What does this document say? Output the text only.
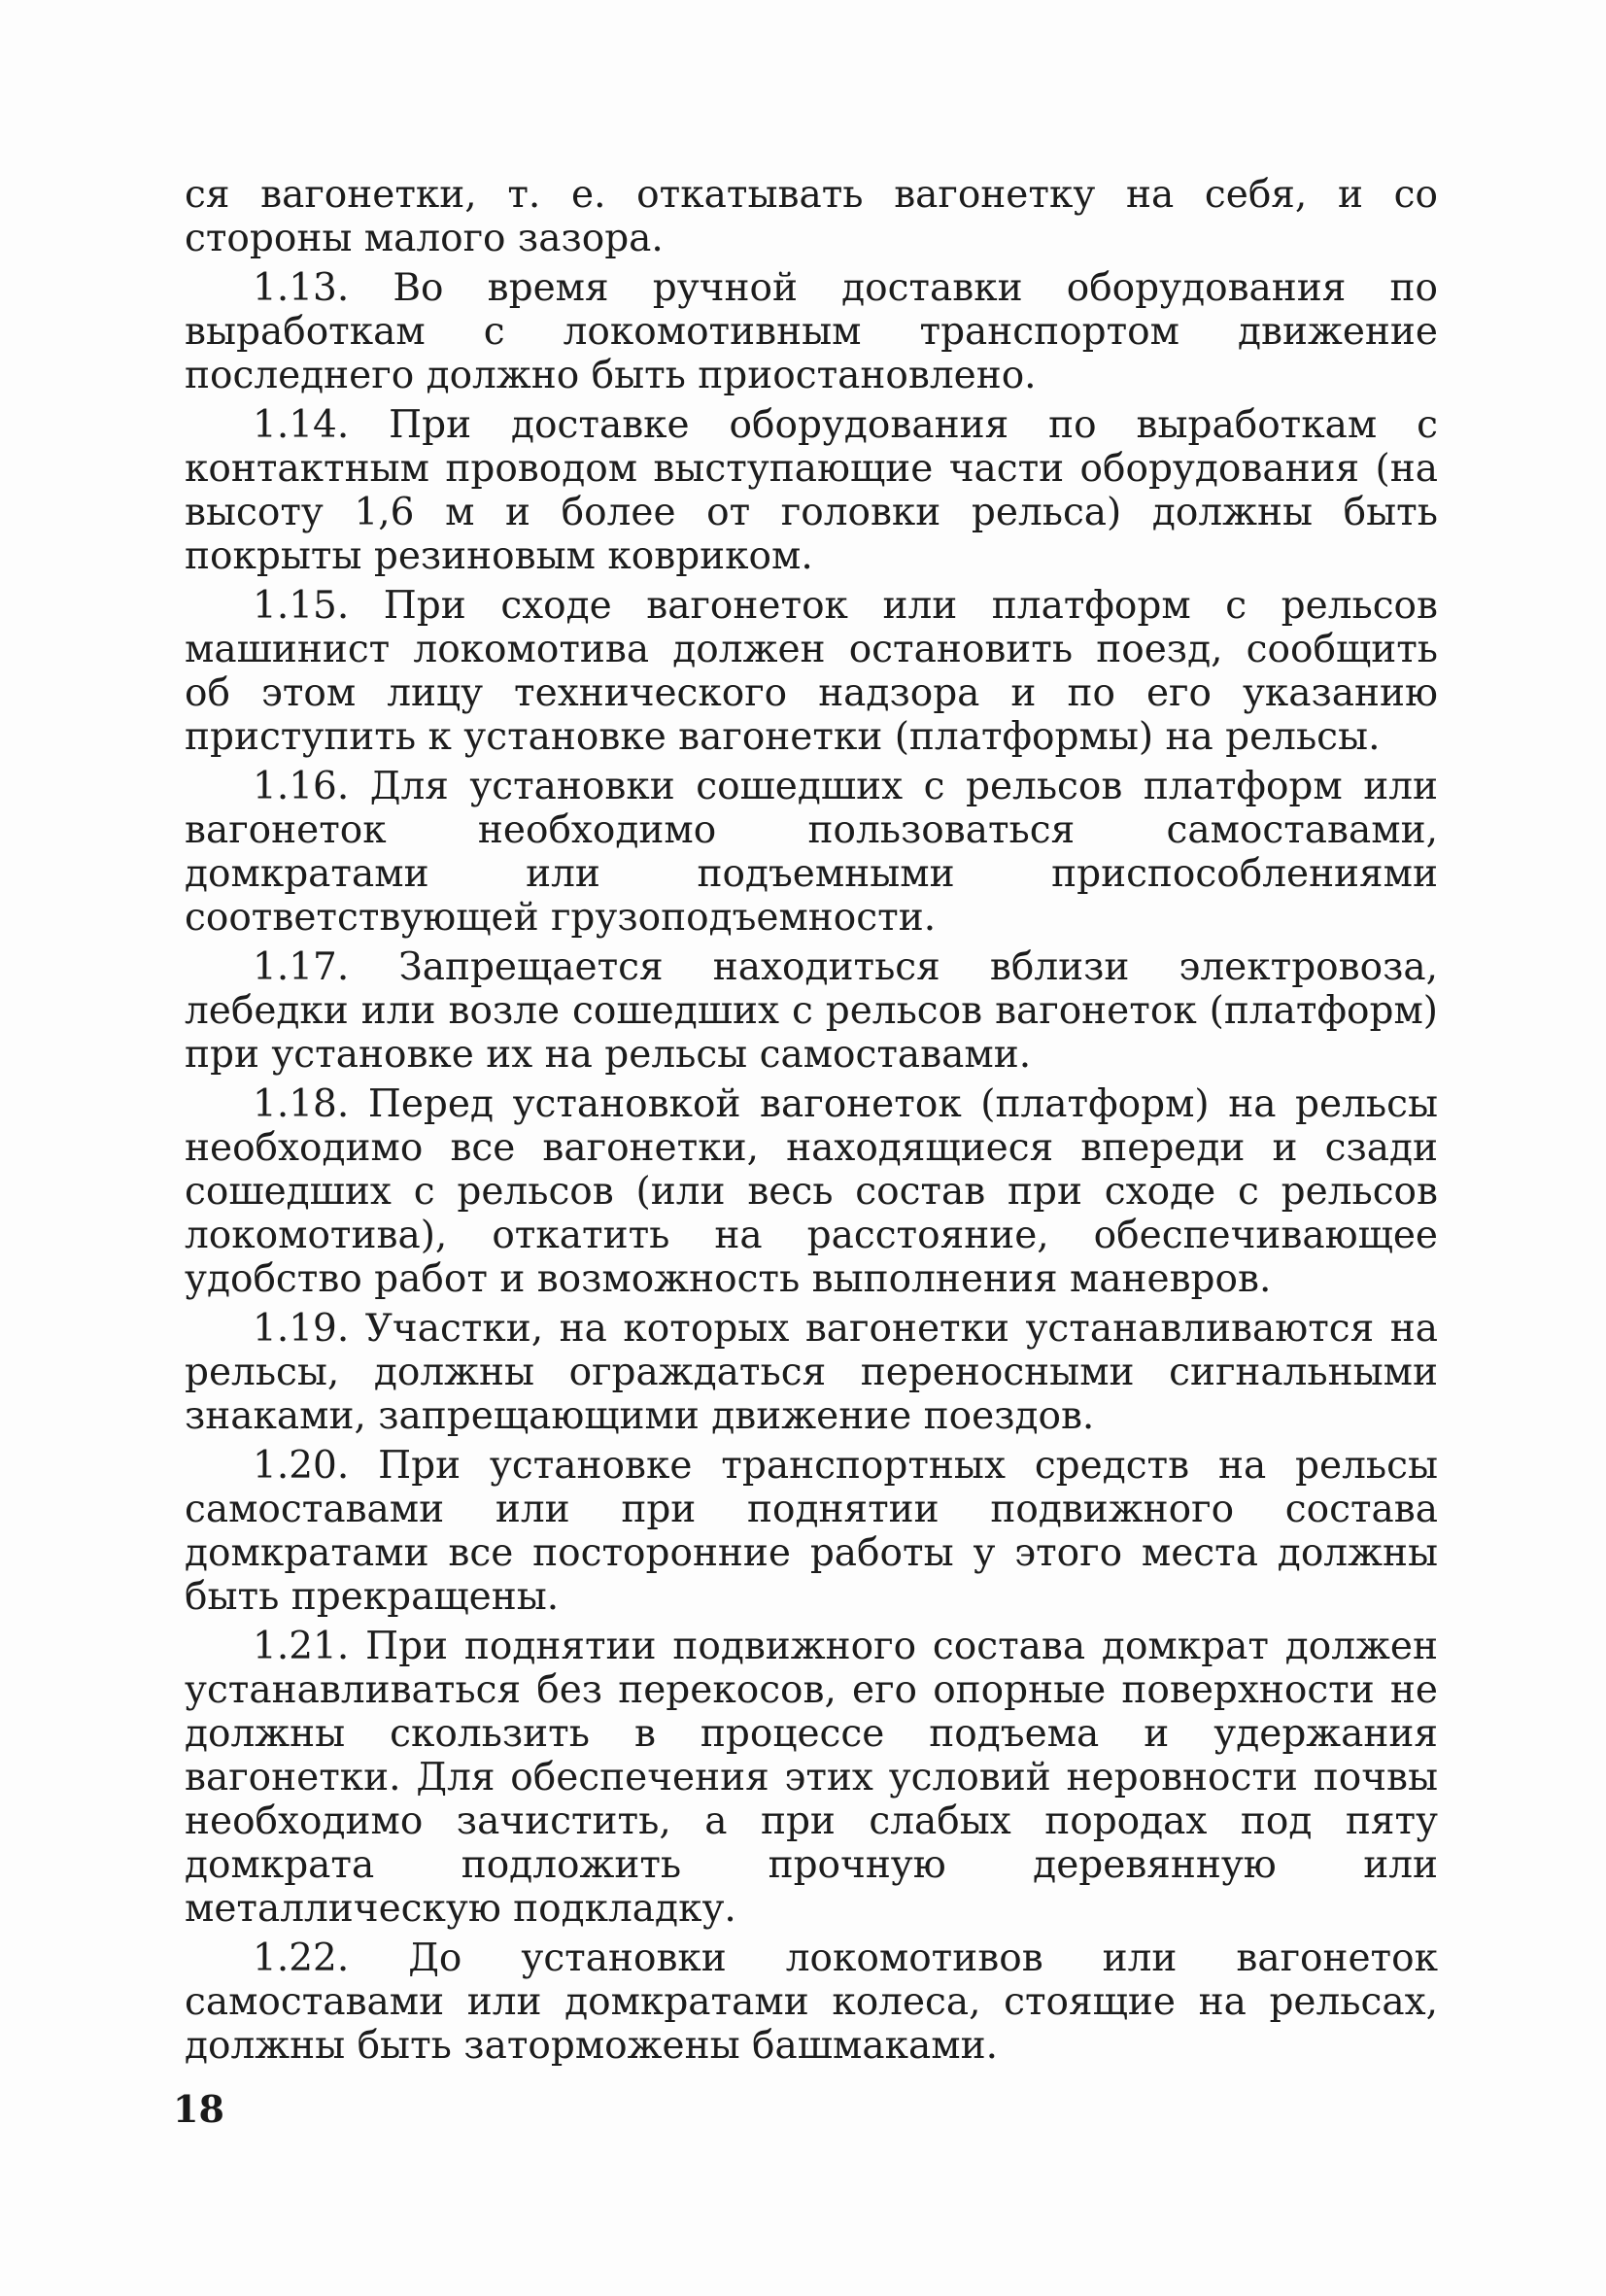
ся вагонетки, т. е. откатывать вагонетку на себя, и со стороны малого зазора.

1.13. Во время ручной доставки оборудования по выработкам с локомотивным транспортом движение последнего должно быть приостановлено.

1.14. При доставке оборудования по выработкам с контактным проводом выступающие части оборудования (на высоту 1,6 м и более от головки рельса) должны быть покрыты резиновым ковриком.

1.15. При сходе вагонеток или платформ с рельсов машинист локомотива должен остановить поезд, сообщить об этом лицу технического надзора и по его указанию приступить к установке вагонетки (платформы) на рельсы.

1.16. Для установки сошедших с рельсов платформ или вагонеток необходимо пользоваться самоставами, домкратами или подъемными приспособлениями соответствующей грузоподъемности.

1.17. Запрещается находиться вблизи электровоза, лебедки или возле сошедших с рельсов вагонеток (платформ) при установке их на рельсы самоставами.

1.18. Перед установкой вагонеток (платформ) на рельсы необходимо все вагонетки, находящиеся впереди и сзади сошедших с рельсов (или весь состав при сходе с рельсов локомотива), откатить на расстояние, обеспечивающее удобство работ и возможность выполнения маневров.

1.19. Участки, на которых вагонетки устанавливаются на рельсы, должны ограждаться переносными сигнальными знаками, запрещающими движение поездов.

1.20. При установке транспортных средств на рельсы самоставами или при поднятии подвижного состава домкратами все посторонние работы у этого места должны быть прекращены.

1.21. При поднятии подвижного состава домкрат должен устанавливаться без перекосов, его опорные поверхности не должны скользить в процессе подъема и удержания вагонетки. Для обеспечения этих условий неровности почвы необходимо зачистить, а при слабых породах под пяту домкрата подложить прочную деревянную или металлическую подкладку.

1.22. До установки локомотивов или вагонеток самоставами или домкратами колеса, стоящие на рельсах, должны быть заторможены башмаками.

18
